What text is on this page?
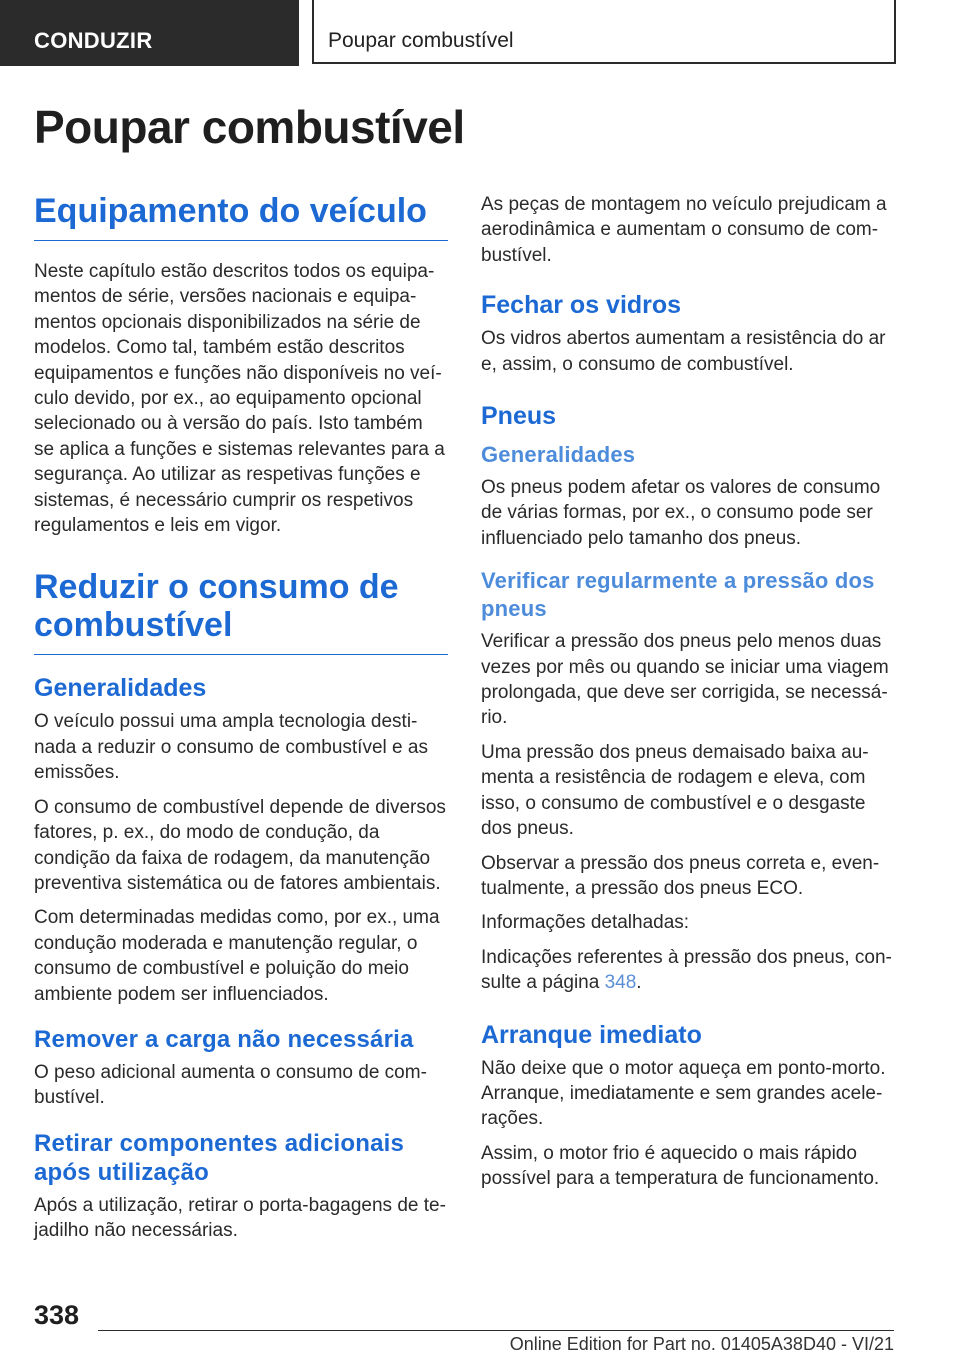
CONDUZIR	Poupar combustível
Poupar combustível
Equipamento do veículo

Neste capítulo estão descritos todos os equipamentos de série, versões nacionais e equipamentos opcionais disponibilizados na série de modelos. Como tal, também estão descritos equipamentos e funções não disponíveis no veículo devido, por ex., ao equipamento opcional selecionado ou à versão do país. Isto também se aplica a funções e sistemas relevantes para a segurança. Ao utilizar as respetivas funções e sistemas, é necessário cumprir os respetivos regulamentos e leis em vigor.

Reduzir o consumo de combustível
Generalidades

O veículo possui uma ampla tecnologia destinada a reduzir o consumo de combustível e as emissões.

O consumo de combustível depende de diversos fatores, p. ex., do modo de condução, da condição da faixa de rodagem, da manutenção preventiva sistemática ou de fatores ambientais.

Com determinadas medidas como, por ex., uma condução moderada e manutenção regular, o consumo de combustível e poluição do meio ambiente podem ser influenciados.

Remover a carga não necessária

O peso adicional aumenta o consumo de combustível.

Retirar componentes adicionais após utilização

Após a utilização, retirar o porta-bagagens de tejadilho não necessárias.

As peças de montagem no veículo prejudicam a aerodinâmica e aumentam o consumo de combustível.

Fechar os vidros

Os vidros abertos aumentam a resistência do ar e, assim, o consumo de combustível.

Pneus
Generalidades

Os pneus podem afetar os valores de consumo de várias formas, por ex., o consumo pode ser influenciado pelo tamanho dos pneus.

Verificar regularmente a pressão dos pneus

Verificar a pressão dos pneus pelo menos duas vezes por mês ou quando se iniciar uma viagem prolongada, que deve ser corrigida, se necessário.

Uma pressão dos pneus demaisado baixa aumenta a resistência de rodagem e eleva, com isso, o consumo de combustível e o desgaste dos pneus.

Observar a pressão dos pneus correta e, eventualmente, a pressão dos pneus ECO.

Informações detalhadas:

Indicações referentes à pressão dos pneus, consulte a página 348.

Arranque imediato

Não deixe que o motor aqueça em ponto-morto. Arranque, imediatamente e sem grandes acelerações.

Assim, o motor frio é aquecido o mais rápido possível para a temperatura de funcionamento.

338
Online Edition for Part no. 01405A38D40 - VI/21
